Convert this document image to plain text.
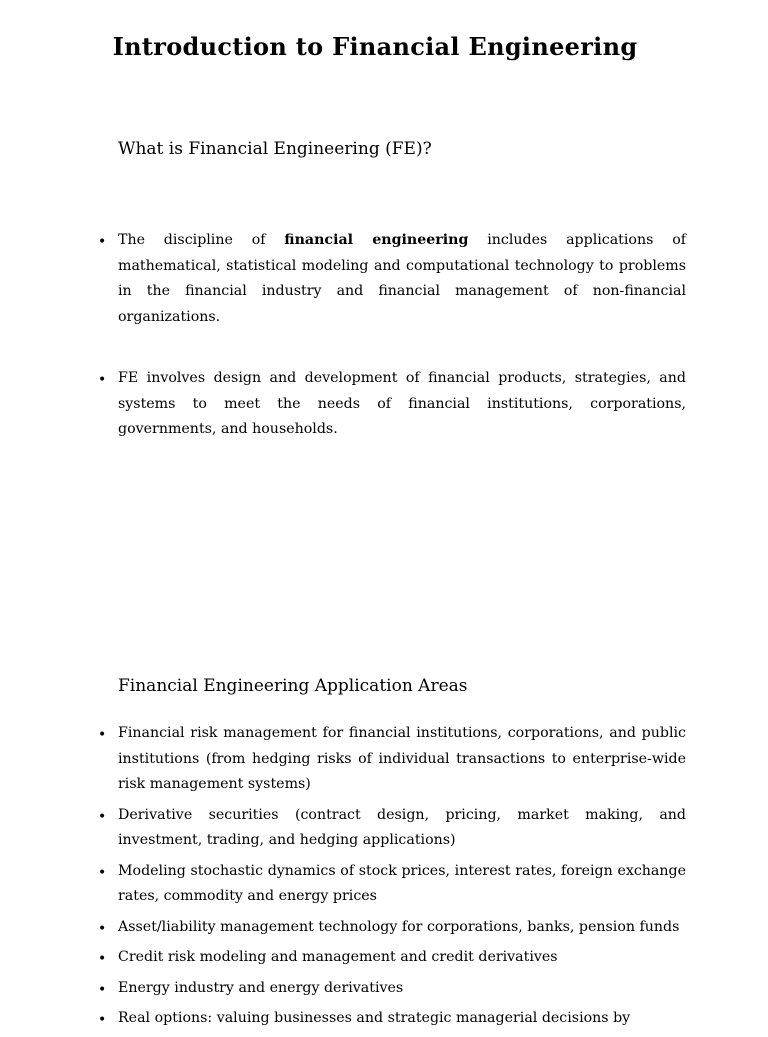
Introduction to Financial Engineering
What is Financial Engineering (FE)?
• The discipline of financial engineering includes applications of mathematical, statistical modeling and computational technology to problems in the financial industry and financial management of non-financial organizations.
• FE involves design and development of financial products, strategies, and systems to meet the needs of financial institutions, corporations, governments, and households.
Financial Engineering Application Areas
• Financial risk management for financial institutions, corporations, and public institutions (from hedging risks of individual transactions to enterprise-wide risk management systems)
• Derivative securities (contract design, pricing, market making, and investment, trading, and hedging applications)
• Modeling stochastic dynamics of stock prices, interest rates, foreign exchange rates, commodity and energy prices
• Asset/liability management technology for corporations, banks, pension funds
• Credit risk modeling and management and credit derivatives
• Energy industry and energy derivatives
• Real options: valuing businesses and strategic managerial decisions by
